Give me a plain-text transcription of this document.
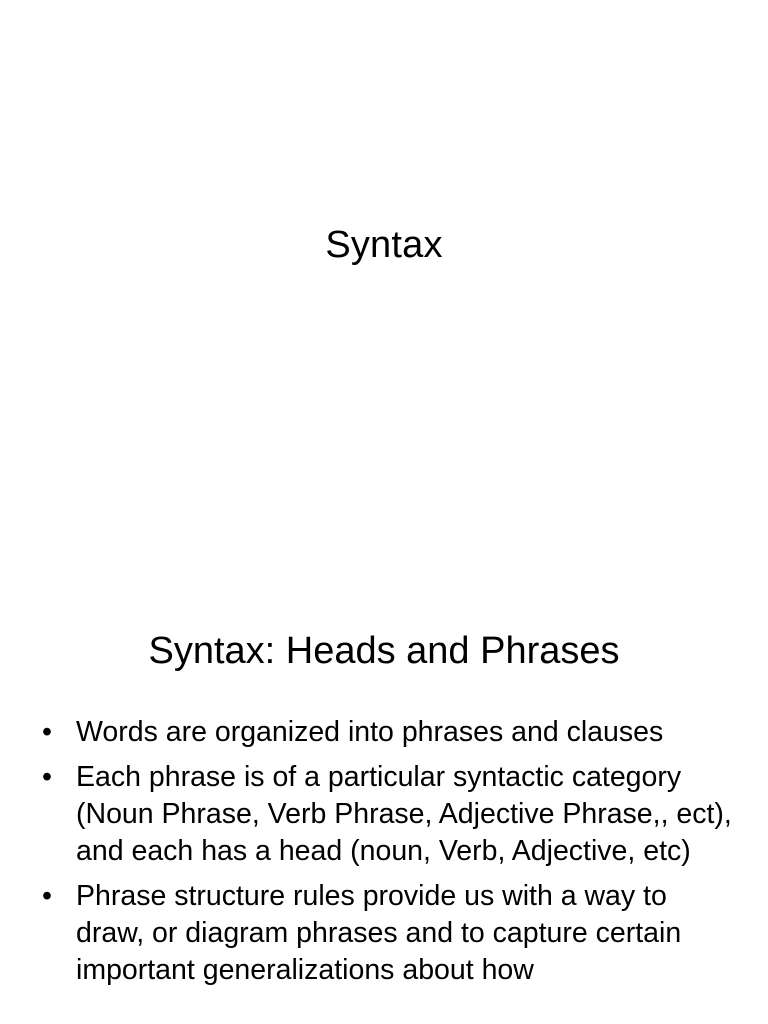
Syntax
Syntax: Heads and Phrases
• Words are organized into phrases and clauses
• Each phrase is of a particular syntactic category (Noun Phrase, Verb Phrase, Adjective Phrase,, ect), and each has a head (noun, Verb, Adjective, etc)
• Phrase structure rules provide us with a way to draw, or diagram phrases and to capture certain important generalizations about how
